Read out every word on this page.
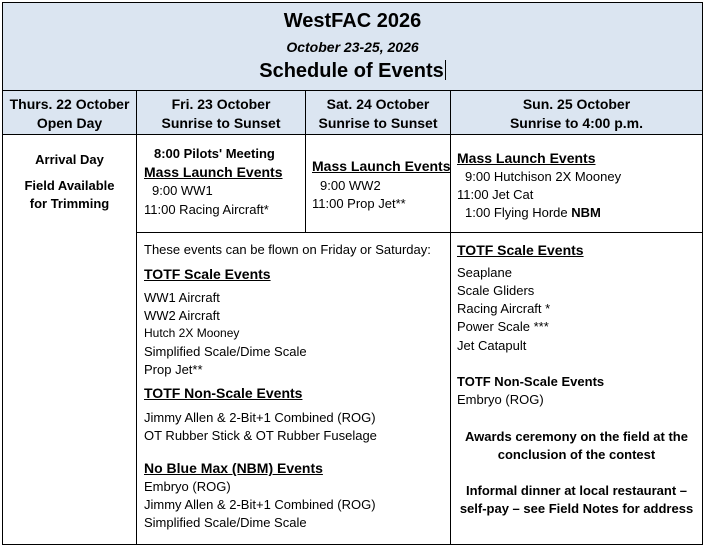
WestFAC 2026
October 23-25, 2026
Schedule of Events
Thurs. 22 October
Open Day
Fri. 23 October
Sunrise to Sunset
Sat. 24 October
Sunrise to Sunset
Sun. 25 October
Sunrise to 4:00 p.m.
Arrival Day
Field Available
for Trimming
8:00 Pilots' Meeting
Mass Launch Events
9:00 WW1
11:00 Racing Aircraft*
Mass Launch Events
9:00 WW2
11:00 Prop Jet**
Mass Launch Events
9:00 Hutchison 2X Mooney
11:00 Jet Cat
1:00 Flying Horde NBM
These events can be flown on Friday or Saturday:
TOTF Scale Events
WW1 Aircraft
WW2 Aircraft
Hutch 2X Mooney
Simplified Scale/Dime Scale
Prop Jet**
TOTF Non-Scale Events
Jimmy Allen & 2-Bit+1 Combined (ROG)
OT Rubber Stick & OT Rubber Fuselage
No Blue Max (NBM) Events
Embryo (ROG)
Jimmy Allen & 2-Bit+1 Combined (ROG)
Simplified Scale/Dime Scale
TOTF Scale Events
Seaplane
Scale Gliders
Racing Aircraft *
Power Scale ***
Jet Catapult
TOTF Non-Scale Events
Embryo (ROG)
Awards ceremony on the field at the
conclusion of the contest
Informal dinner at local restaurant –
self-pay – see Field Notes for address
